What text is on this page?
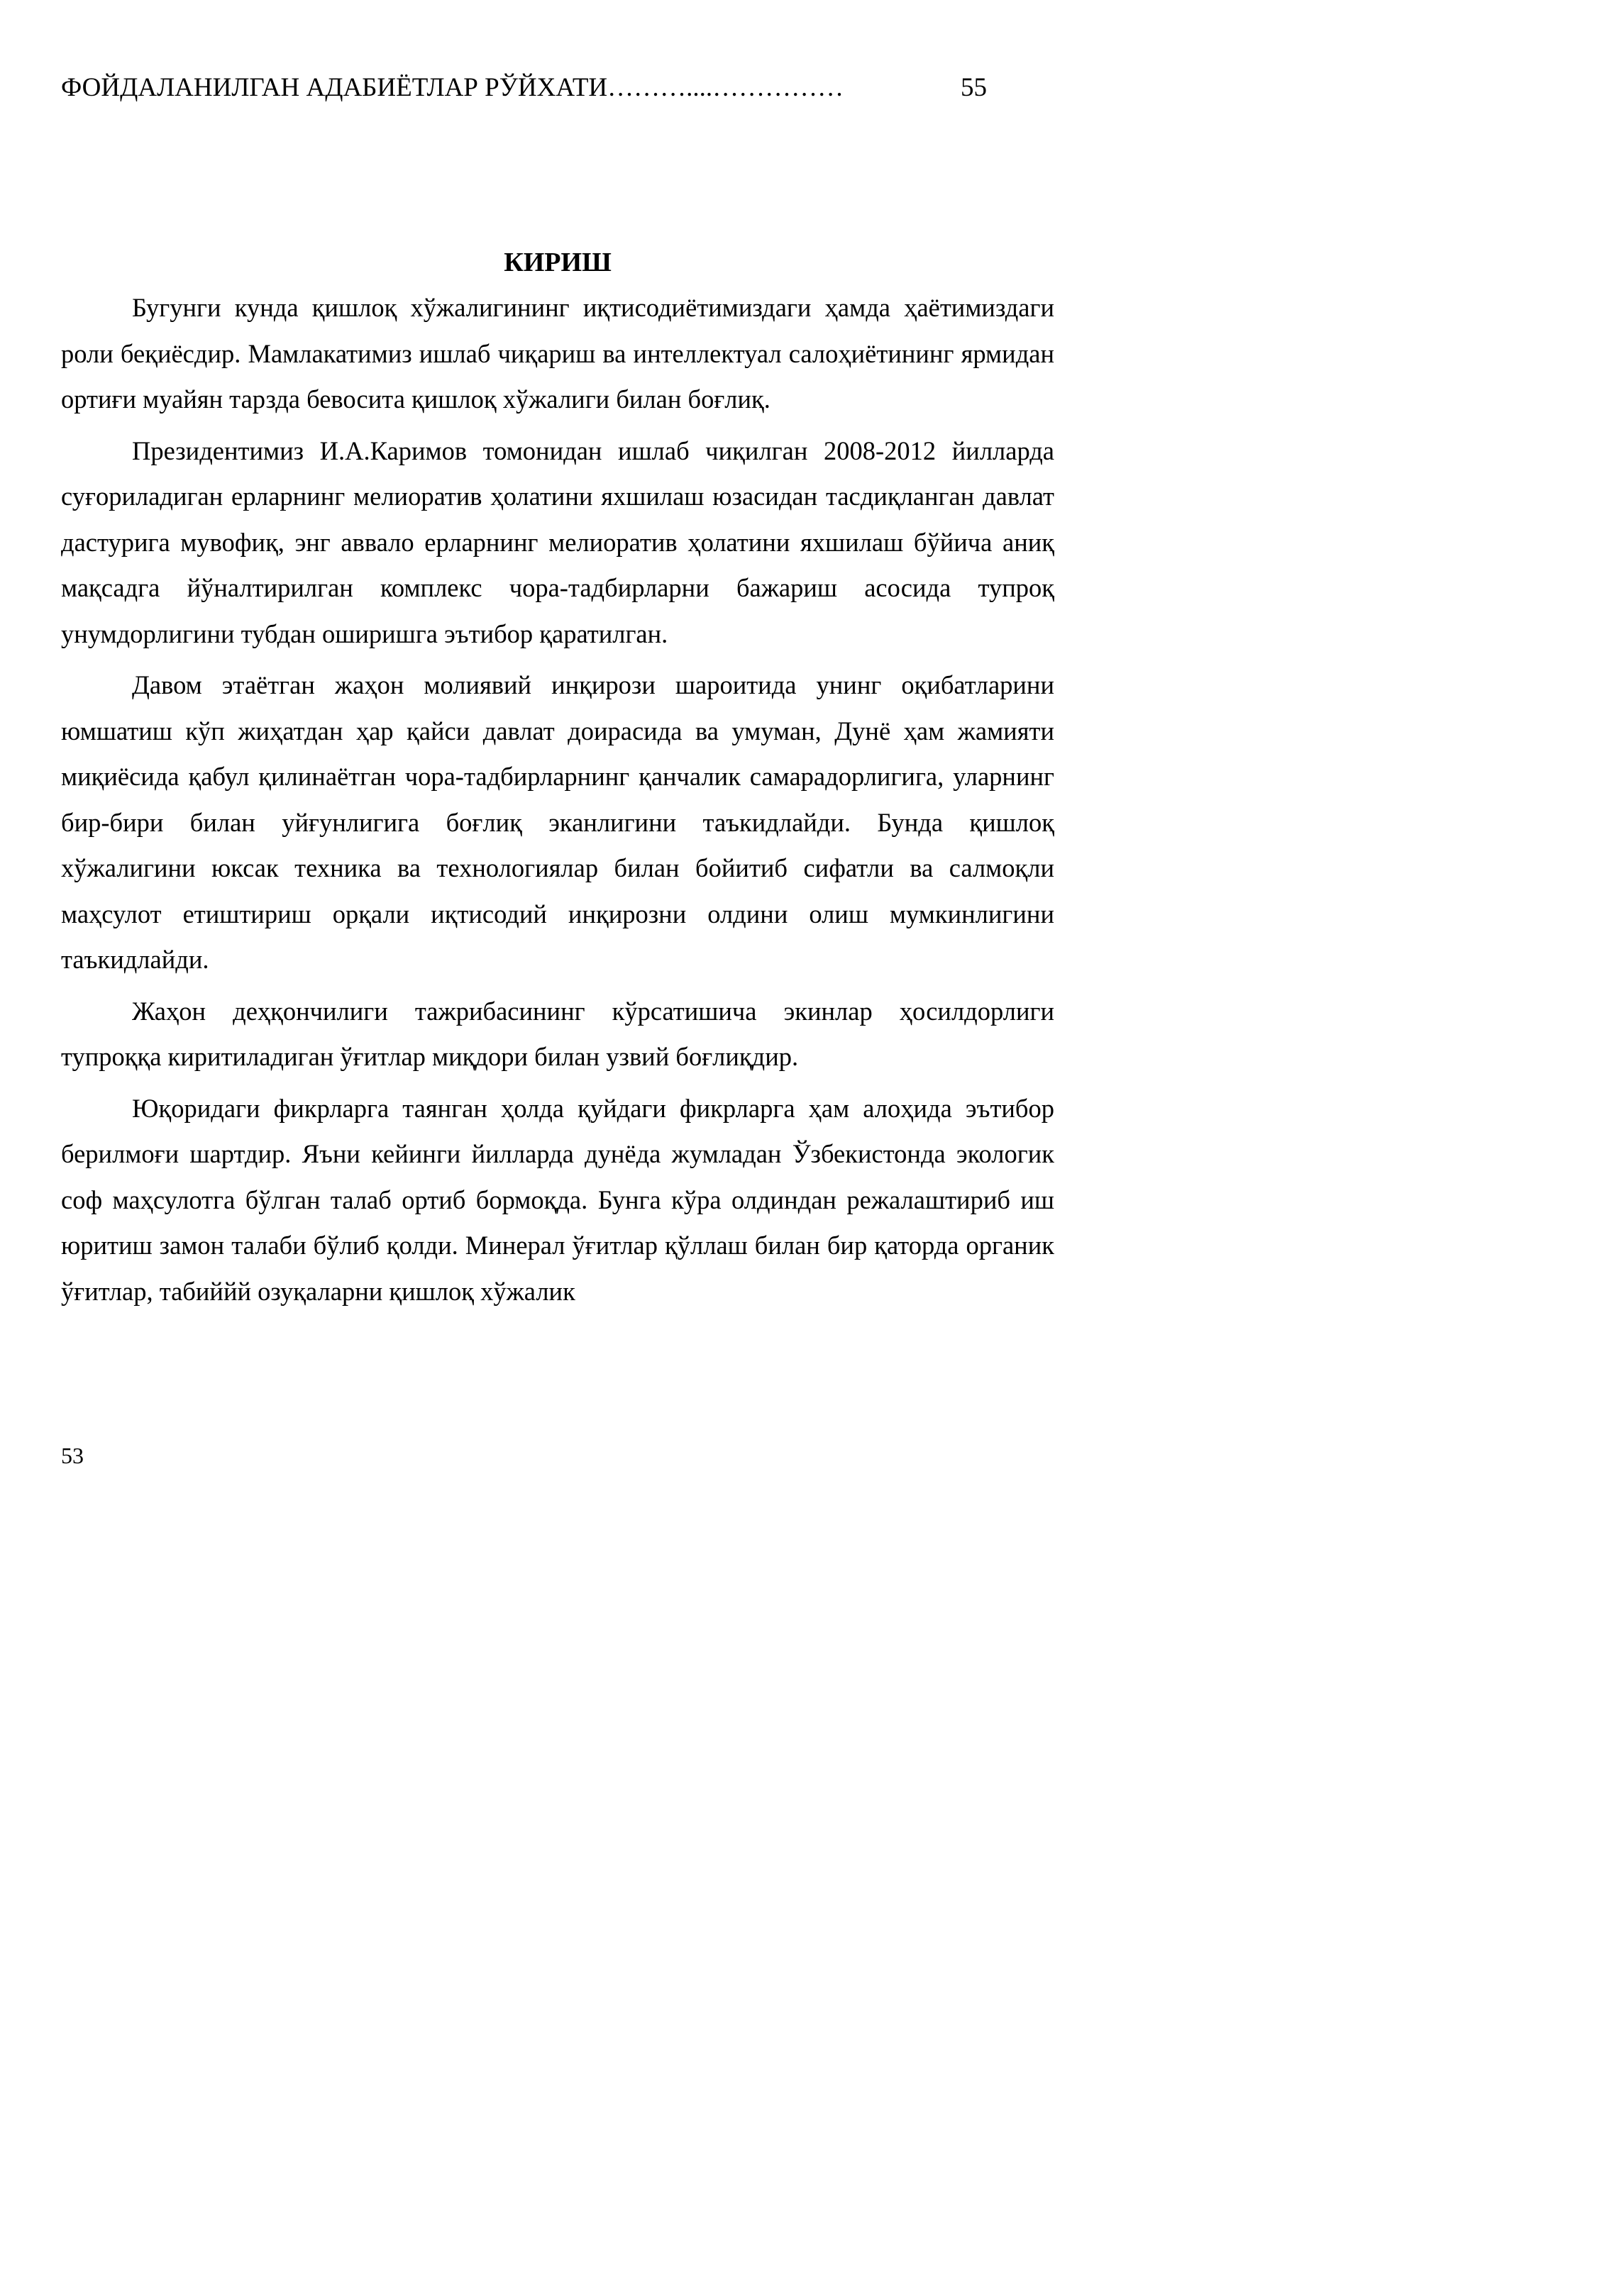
ФОЙДАЛАНИЛГАН АДАБИЁТЛАР РЎЙХАТИ………....……………	55
КИРИШ

Бугунги кунда қишлоқ хўжалигининг иқтисодиётимиздаги ҳамда ҳаётимиздаги роли беқиёсдир. Мамлакатимиз ишлаб чиқариш ва интеллектуал салоҳиётининг ярмидан ортиғи муайян тарзда бевосита қишлоқ хўжалиги билан боғлиқ.

Президентимиз И.А.Каримов томонидан ишлаб чиқилган 2008-2012 йилларда суғориладиган ерларнинг мелиоратив ҳолатини яхшилаш юзасидан тасдиқланган давлат дастурига мувофиқ, энг аввало ерларнинг мелиоратив ҳолатини яхшилаш бўйича аниқ мақсадга йўналтирилган комплекс чора-тадбирларни бажариш асосида тупроқ унумдорлигини тубдан оширишга эътибор қаратилган.

Давом этаётган жаҳон молиявий инқирози шароитида унинг оқибатларини юмшатиш кўп жиҳатдан ҳар қайси давлат доирасида ва умуман, Дунё ҳам жамияти миқиёсида қабул қилинаётган чора-тадбирларнинг қанчалик самарадорлигига, уларнинг бир-бири билан уйғунлигига боғлиқ эканлигини таъкидлайди. Бунда қишлоқ хўжалигини юксак техника ва технологиялар билан бойитиб сифатли ва салмоқли маҳсулот етиштириш орқали иқтисодий инқирозни олдини олиш мумкинлигини таъкидлайди.

Жаҳон деҳқончилиги тажрибасининг кўрсатишича экинлар ҳосилдорлиги тупроққа киритиладиган ўғитлар миқдори билан узвий боғлиқдир.

Юқоридаги фикрларга таянган ҳолда қуйдаги фикрларга ҳам алоҳида эътибор берилмоғи шартдир. Яъни кейинги йилларда дунёда жумладан Ўзбекистонда экологик соф маҳсулотга бўлган талаб ортиб бормоқда. Бунга кўра олдиндан режалаштириб иш юритиш замон талаби бўлиб қолди. Минерал ўғитлар қўллаш билан бир қаторда органик ўғитлар, табиййй озуқаларни қишлоқ хўжалик

53
